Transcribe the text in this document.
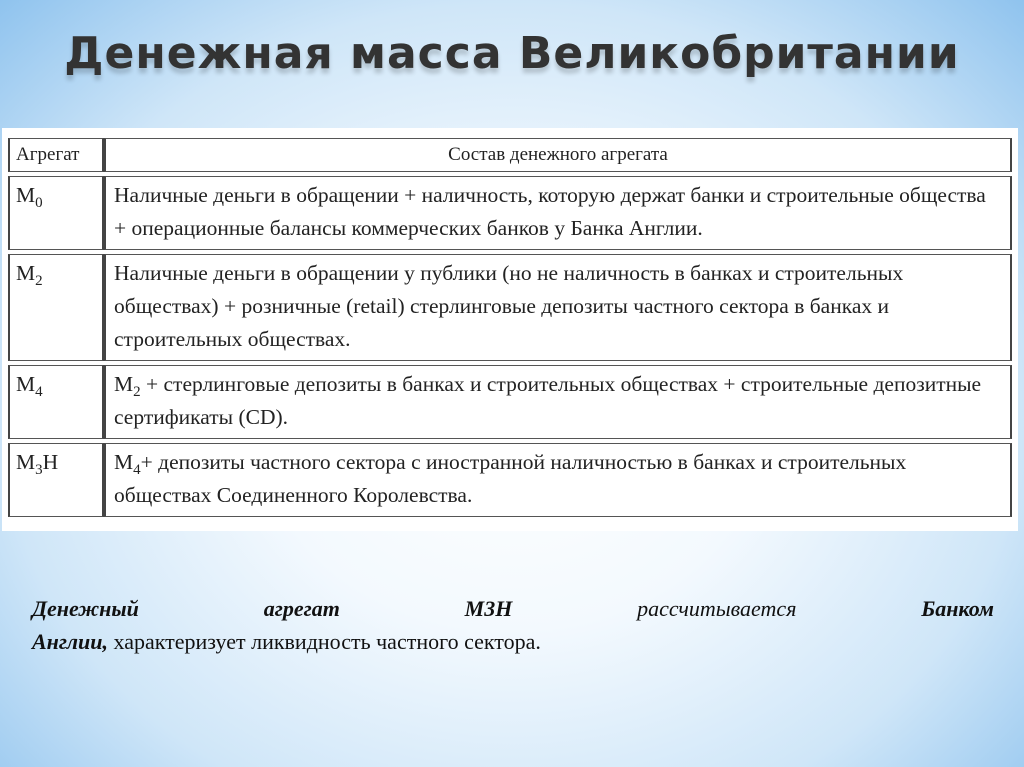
Денежная масса Великобритании
Агрегат	Состав денежного агрегата
$M_0$	Наличные деньги в обращении + наличность, которую держат банки и строительные общества + операционные балансы коммерческих банков у Банка Англии.
$M_2$	Наличные деньги в обращении у публики (но не наличность в банках и строительных обществах) + розничные (retail) стерлинговые депозиты частного сектора в банках и строительных обществах.
$M_4$	$M_2$ + стерлинговые депозиты в банках и строительных обществах + строительные депозитные сертификаты (CD).
$M_3H$	$M_4+$ депозиты частного сектора с иностранной наличностью в банках и строительных обществах Соединенного Королевства.
Денежный	агрегат	М3Н	рассчитывается	Банком
Англии, характеризует ликвидность частного сектора.
